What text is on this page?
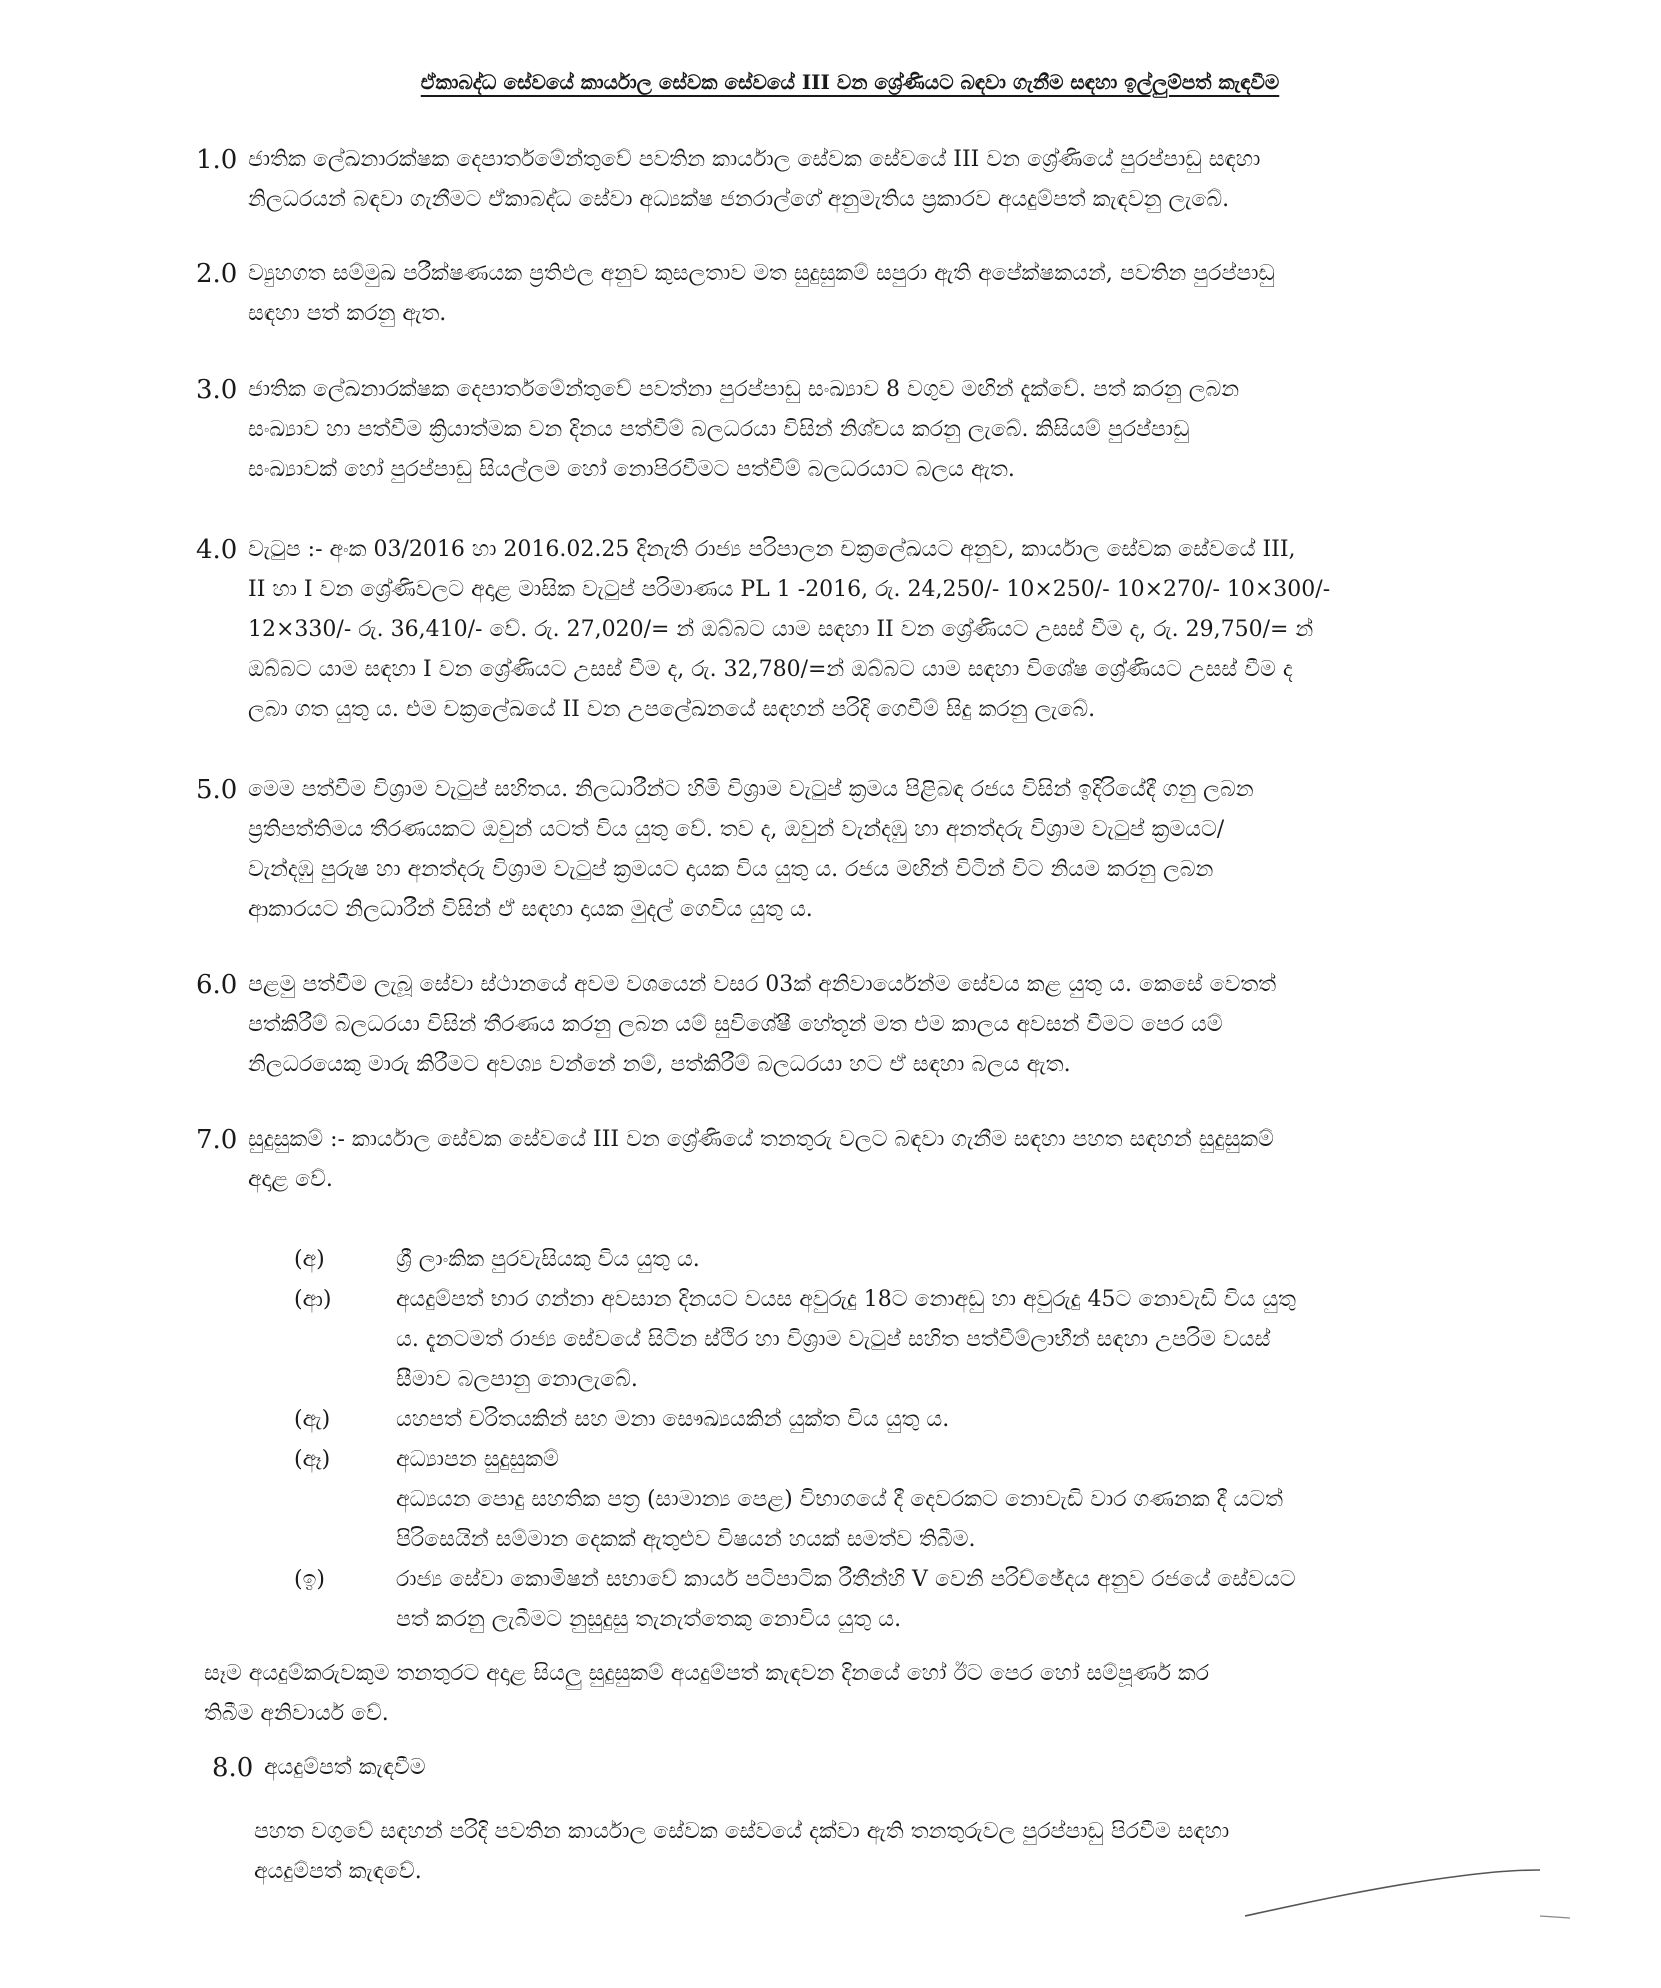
ඒකාබද්ධ සේවයේ කාර්යාල සේවක සේවයේ III වන ශ්‍රේණියට බඳවා ගැනීම සඳහා ඉල්ලුම්පත් කැඳවීම
1.0 ජාතික ලේඛනාරක්ෂක දෙපාර්තමේන්තුවේ පවතින කාර්යාල සේවක සේවයේ III වන ශ්‍රේණියේ පුරප්පාඩු සඳහා

නිලධරයන් බඳවා ගැනීමට ඒකාබද්ධ සේවා අධ්‍යක්ෂ ජනරාල්ගේ අනුමැතිය ප්‍රකාරව අයදුම්පත් කැඳවනු ලැබේ.

2.0 ව්‍යුහගත සම්මුඛ පරීක්ෂණයක ප්‍රතිඵල අනුව කුසලතාව මත සුදුසුකම් සපුරා ඇති අපේක්ෂකයන්, පවතින පුරප්පාඩු

සඳහා පත් කරනු ඇත.

3.0 ජාතික ලේඛනාරක්ෂක දෙපාර්තමේන්තුවේ පවත්නා පුරප්පාඩු සංඛ්‍යාව 8 වගුව මඟින් දැක්වේ. පත් කරනු ලබන

සංඛ්‍යාව හා පත්වීම ක්‍රියාත්මක වන දිනය පත්වීම් බලධරයා විසින් නිශ්චය කරනු ලැබේ. කිසියම් පුරප්පාඩු

සංඛ්‍යාවක් හෝ පුරප්පාඩු සියල්ලම හෝ නොපිරවීමට පත්වීම් බලධරයාට බලය ඇත.

4.0 වැටුප :- අංක 03/2016 හා 2016.02.25 දිනැති රාජ්‍ය පරිපාලන චක්‍රලේඛයට අනුව, කාර්යාල සේවක සේවයේ III,

II හා I වන ශ්‍රේණිවලට අදාළ මාසික වැටුප් පරිමාණය PL 1 -2016, රු. 24,250/- 10×250/- 10×270/- 10×300/-

12×330/- රු. 36,410/- වේ. රු. 27,020/= න් ඔබ්බට යාම සඳහා II වන ශ්‍රේණියට උසස් වීම ද, රු. 29,750/= න්

ඔබ්බට යාම සඳහා I වන ශ්‍රේණියට උසස් වීම ද, රු. 32,780/=න් ඔබ්බට යාම සඳහා විශේෂ ශ්‍රේණියට උසස් වීම ද

ලබා ගත යුතු ය. එම චක්‍රලේඛයේ II වන උපලේඛනයේ සඳහන් පරිදි ගෙවීම් සිදු කරනු ලැබේ.

5.0 මෙම පත්වීම විශ්‍රාම වැටුප් සහිතය. නිලධාරීන්ට හිමි විශ්‍රාම වැටුප් ක්‍රමය පිළිබඳ රජය විසින් ඉදිරියේදී ගනු ලබන

ප්‍රතිපත්තිමය තීරණයකට ඔවුන් යටත් විය යුතු වේ. තව ද, ඔවුන් වැන්දඹු හා අනත්දරු විශ්‍රාම වැටුප් ක්‍රමයට/

වැන්දඹු පුරුෂ හා අනත්දරු විශ්‍රාම වැටුප් ක්‍රමයට දායක විය යුතු ය. රජය මඟින් විටින් විට නියම කරනු ලබන

ආකාරයට නිලධාරීන් විසින් ඒ සඳහා දායක මුදල් ගෙවිය යුතු ය.

6.0 පළමු පත්වීම ලැබූ සේවා ස්ථානයේ අවම වශයෙන් වසර 03ක් අනිවාර්යෙන්ම සේවය කළ යුතු ය. කෙසේ වෙතත්

පත්කිරීම් බලධරයා විසින් තීරණය කරනු ලබන යම් සුවිශේෂී හේතූන් මත එම කාලය අවසන් වීමට පෙර යම්

නිලධරයෙකු මාරු කිරීමට අවශ්‍ය වන්නේ නම්, පත්කිරීම් බලධරයා හට ඒ සඳහා බලය ඇත.

7.0 සුදුසුකම් :- කාර්යාල සේවක සේවයේ III වන ශ්‍රේණියේ තනතුරු වලට බඳවා ගැනීම සඳහා පහත සඳහන් සුදුසුකම්

අදාළ වේ.

(අ)	ශ්‍රී ලාංකික පුරවැසියකු විය යුතු ය.

(ආ)	අයදුම්පත් භාර ගන්නා අවසාන දිනයට වයස අවුරුදු 18ට නොඅඩු හා අවුරුදු 45ට නොවැඩි විය යුතු

ය. දැනටමත් රාජ්‍ය සේවයේ සිටින ස්ථිර හා විශ්‍රාම වැටුප් සහිත පත්වීම්ලාභීන් සඳහා උපරිම වයස්

සීමාව බලපානු නොලැබේ.

(ඇ)	යහපත් චරිතයකින් සහ මනා සෞඛ්‍යයකින් යුක්ත විය යුතු ය.

(ඈ)	අධ්‍යාපන සුදුසුකම්

අධ්‍යයන පොදු සහතික පත්‍ර (සාමාන්‍ය පෙළ) විභාගයේ දී දෙවරකට නොවැඩි වාර ගණනක දී යටත්

පිරිසෙයින් සම්මාන දෙකක් ඇතුළුව විෂයන් හයක් සමත්ව තිබීම.

(ඉ)	රාජ්‍ය සේවා කොමිෂන් සභාවේ කාර්ය පටිපාටික රීතීන්හි V වෙනි පරිච්ඡේදය අනුව රජයේ සේවයට

පත් කරනු ලැබීමට නුසුදුසු තැනැත්තෙකු නොවිය යුතු ය.

සෑම අයදුම්කරුවකුම තනතුරට අදාළ සියලු සුදුසුකම් අයදුම්පත් කැඳවන දිනයේ හෝ ඊට පෙර හෝ සම්පූර්ණ කර

තිබීම අනිවාර්ය වේ.

8.0 අයදුම්පත් කැඳවීම

පහත වගුවේ සඳහන් පරිදි පවතින කාර්යාල සේවක සේවයේ දක්වා ඇති තනතුරුවල පුරප්පාඩු පිරවීම සඳහා

අයදුම්පත් කැඳවේ.
